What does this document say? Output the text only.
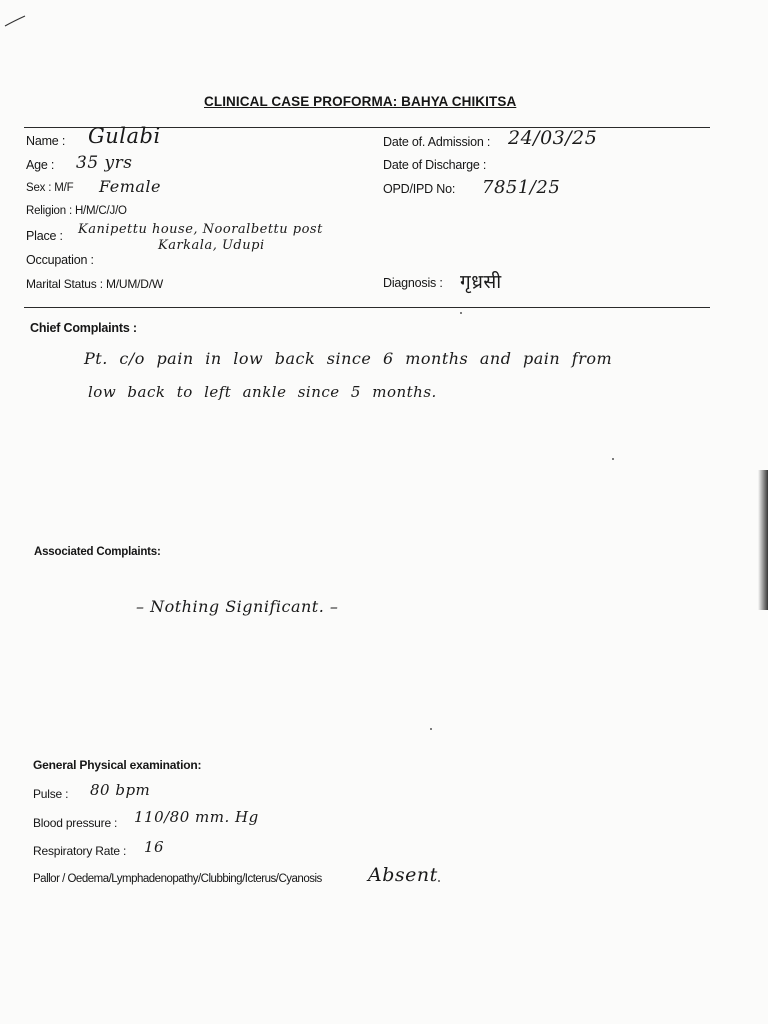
CLINICAL CASE PROFORMA: BAHYA CHIKITSA
Name : Gulabi
Age : 35 yrs
Sex : M/F Female
Religion : H/M/C/J/O
Place : Kanipettu house, Nooralbettu post
Karkala, Udupi
Occupation :
Marital Status : M/UM/D/W
Date of. Admission : 24/03/25
Date of Discharge :
OPD/IPD No: 7851/25
Diagnosis : गृध्रसी
Chief Complaints :
Pt. c/o pain in low back since 6 months and pain from
low back to left ankle since 5 months.
Associated Complaints:
– Nothing Significant. –
General Physical examination:
Pulse : 80 bpm
Blood pressure : 110/80 mm. Hg
Respiratory Rate : 16
Pallor / Oedema/Lymphadenopathy/Clubbing/Icterus/Cyanosis Absent
